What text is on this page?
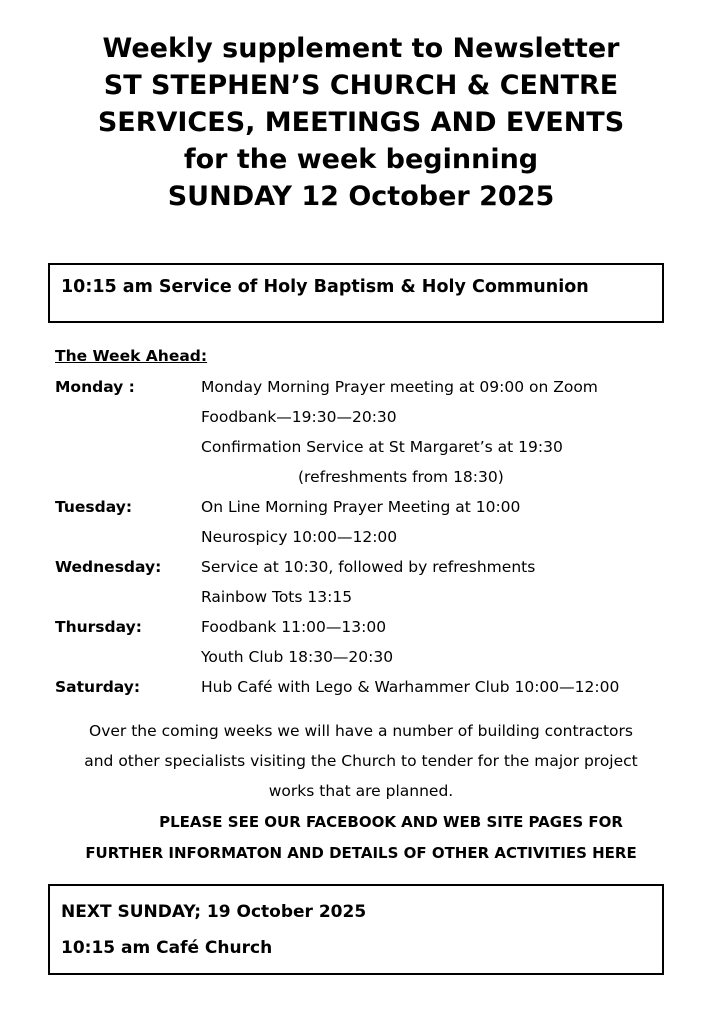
Weekly supplement to Newsletter
ST STEPHEN’S CHURCH & CENTRE
SERVICES, MEETINGS AND EVENTS
for the week beginning
SUNDAY 12 October 2025
10:15 am Service of Holy Baptism & Holy Communion
The Week Ahead:
Monday :	Monday Morning Prayer meeting at 09:00 on Zoom
Foodbank—19:30—20:30
Confirmation Service at St Margaret’s at 19:30
(refreshments from 18:30)
Tuesday:	On Line Morning Prayer Meeting at 10:00
Neurospicy 10:00—12:00
Wednesday:	Service at 10:30, followed by refreshments
Rainbow Tots 13:15
Thursday:	Foodbank 11:00—13:00
Youth Club 18:30—20:30
Saturday:	Hub Café with Lego & Warhammer Club 10:00—12:00
Over the coming weeks we will have a number of building contractors
and other specialists visiting the Church to tender for the major project
works that are planned.
PLEASE SEE OUR FACEBOOK AND WEB SITE PAGES FOR
FURTHER INFORMATON AND DETAILS OF OTHER ACTIVITIES HERE
NEXT SUNDAY; 19 October 2025
10:15 am Café Church
